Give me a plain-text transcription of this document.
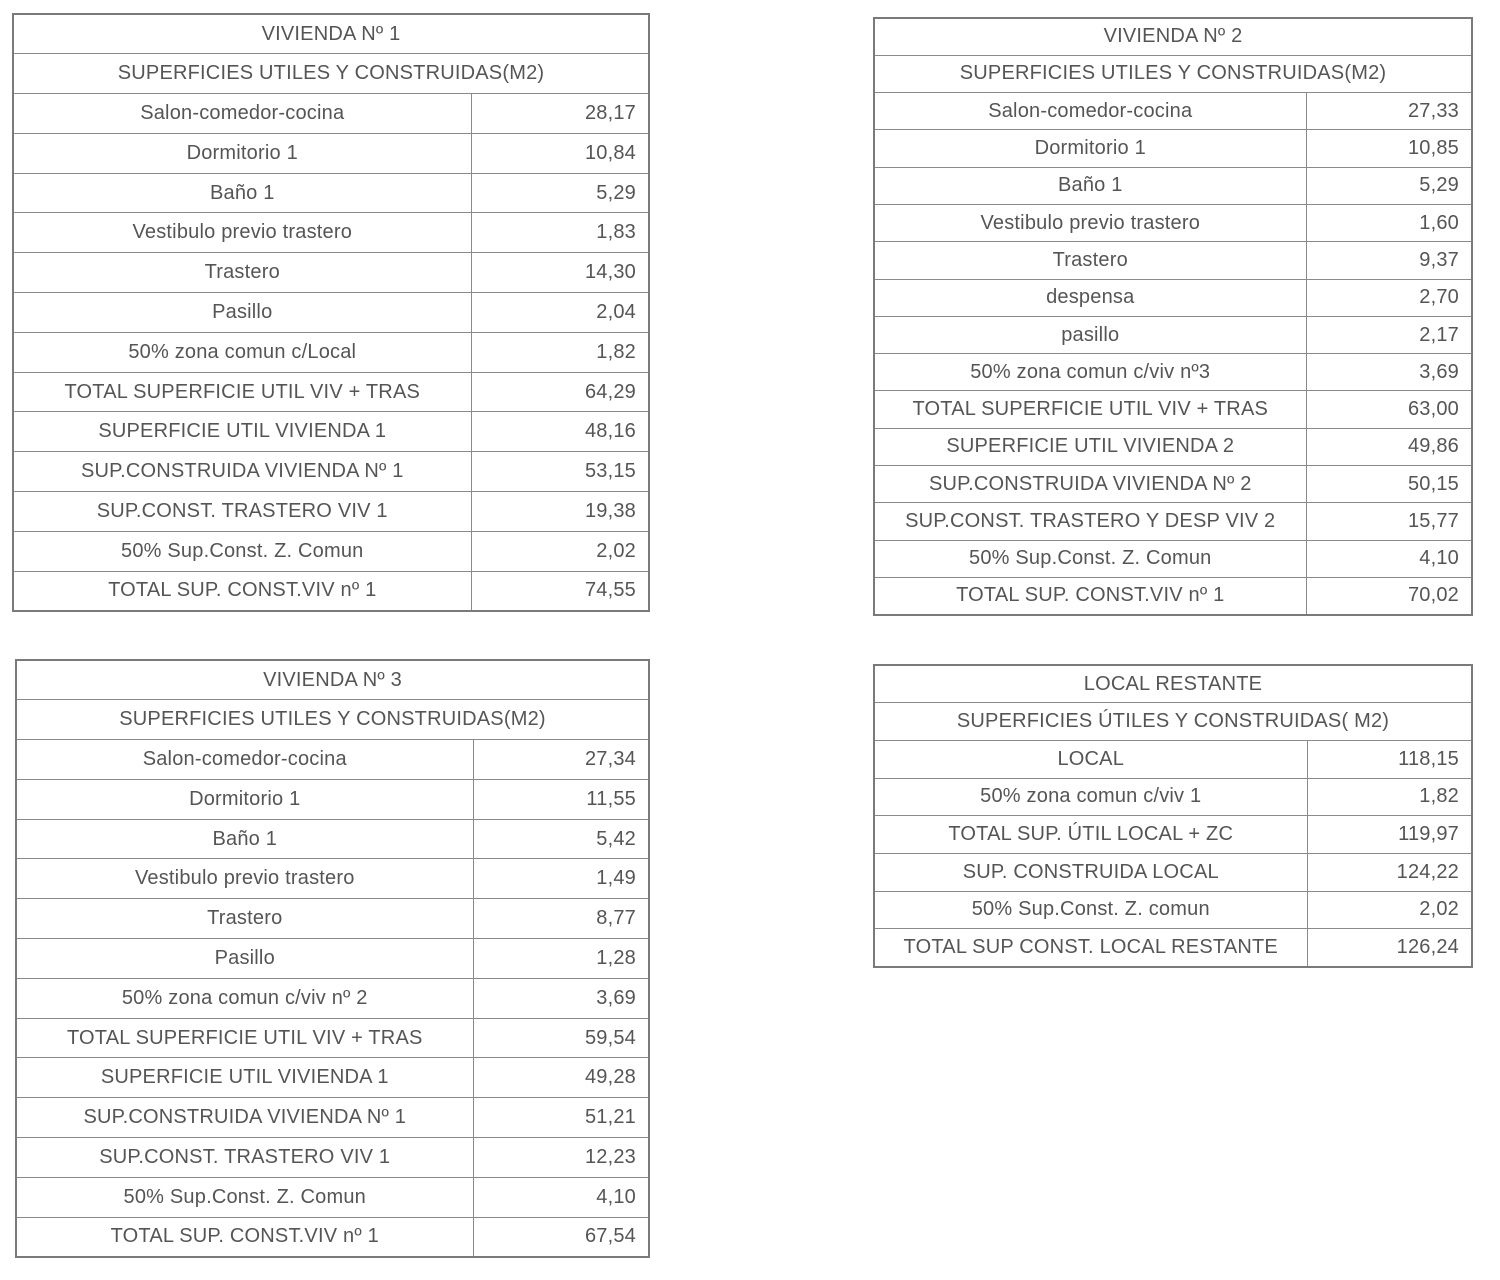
VIVIENDA Nº 1	
SUPERFICIES UTILES Y CONSTRUIDAS(M2)	
Salon-comedor-cocina	28,17
Dormitorio 1	10,84
Baño 1	5,29
Vestibulo previo trastero	1,83
Trastero	14,30
Pasillo	2,04
50% zona comun c/Local	1,82
TOTAL SUPERFICIE UTIL VIV + TRAS	64,29
SUPERFICIE UTIL VIVIENDA 1	48,16
SUP.CONSTRUIDA VIVIENDA Nº 1	53,15
SUP.CONST. TRASTERO VIV 1	19,38
50% Sup.Const. Z. Comun	2,02
TOTAL SUP. CONST.VIV nº 1	74,55
VIVIENDA Nº 2	
SUPERFICIES UTILES Y CONSTRUIDAS(M2)	
Salon-comedor-cocina	27,33
Dormitorio 1	10,85
Baño 1	5,29
Vestibulo previo trastero	1,60
Trastero	9,37
despensa	2,70
pasillo	2,17
50% zona comun c/viv nº3	3,69
TOTAL SUPERFICIE UTIL VIV + TRAS	63,00
SUPERFICIE UTIL VIVIENDA 2	49,86
SUP.CONSTRUIDA VIVIENDA Nº 2	50,15
SUP.CONST. TRASTERO Y DESP VIV 2	15,77
50% Sup.Const. Z. Comun	4,10
TOTAL SUP. CONST.VIV nº 1	70,02
VIVIENDA Nº 3	
SUPERFICIES UTILES Y CONSTRUIDAS(M2)	
Salon-comedor-cocina	27,34
Dormitorio 1	11,55
Baño 1	5,42
Vestibulo previo trastero	1,49
Trastero	8,77
Pasillo	1,28
50% zona comun c/viv nº 2	3,69
TOTAL SUPERFICIE UTIL VIV + TRAS	59,54
SUPERFICIE UTIL VIVIENDA 1	49,28
SUP.CONSTRUIDA VIVIENDA Nº 1	51,21
SUP.CONST. TRASTERO VIV 1	12,23
50% Sup.Const. Z. Comun	4,10
TOTAL SUP. CONST.VIV nº 1	67,54
LOCAL RESTANTE	
SUPERFICIES ÚTILES Y CONSTRUIDAS( M2)	
LOCAL	118,15
50% zona comun c/viv 1	1,82
TOTAL SUP. ÚTIL LOCAL + ZC	119,97
SUP. CONSTRUIDA LOCAL	124,22
50% Sup.Const. Z. comun	2,02
TOTAL SUP CONST. LOCAL RESTANTE	126,24
